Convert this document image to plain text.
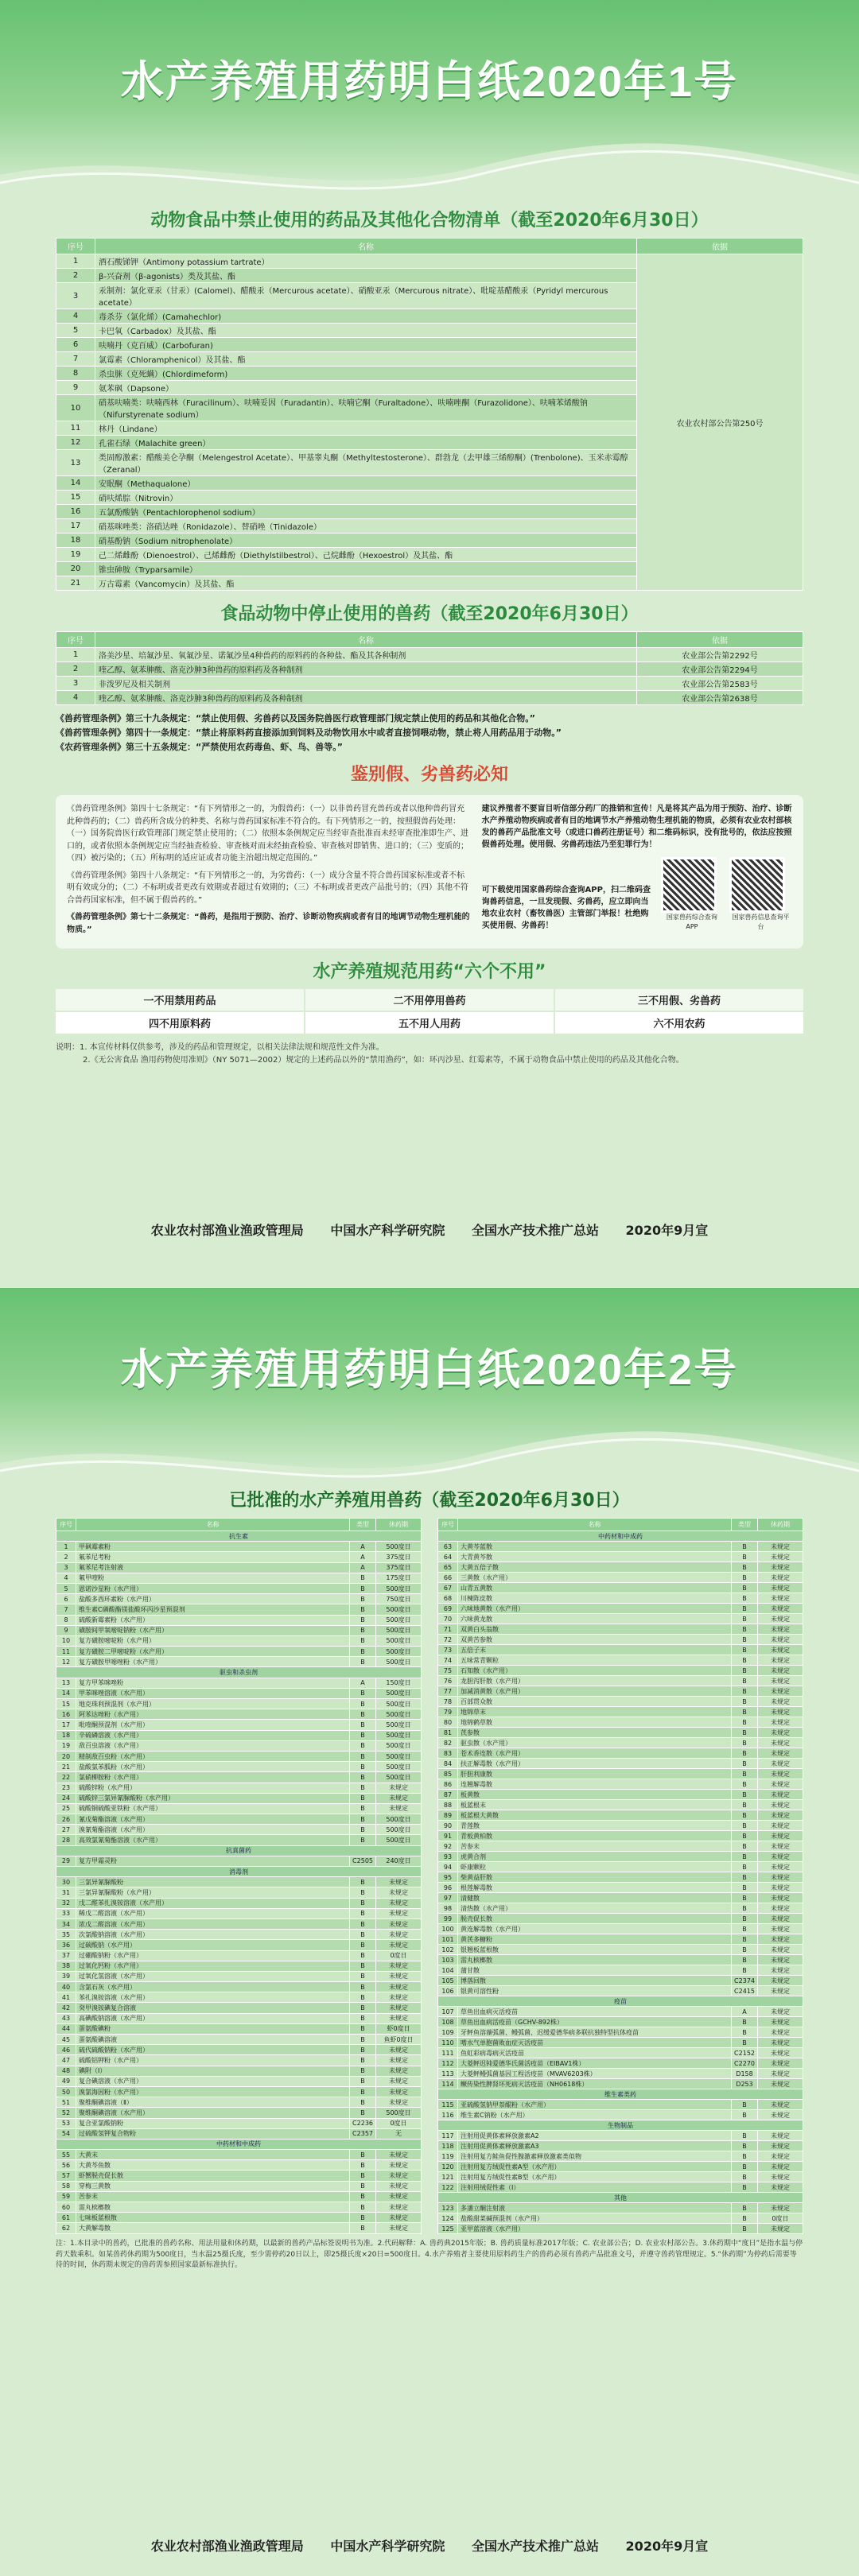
水产养殖用药明白纸2020年1号
动物食品中禁止使用的药品及其他化合物清单（截至2020年6月30日）
序号	名称	依据
1	酒石酸锑钾（Antimony potassium tartrate）	农业农村部公告第250号
2	β-兴奋剂（β-agonists）类及其盐、酯	
3	汞制剂：氯化亚汞（甘汞）(Calomel)、醋酸汞（Mercurous acetate）、硝酸亚汞（Mercurous nitrate）、吡啶基醋酸汞（Pyridyl mercurous acetate）	
4	毒杀芬（氯化烯）(Camahechlor)	
5	卡巴氧（Carbadox）及其盐、酯	
6	呋喃丹（克百威）(Carbofuran)	
7	氯霉素（Chloramphenicol）及其盐、酯	
8	杀虫脒（克死螨）(Chlordimeform)	
9	氨苯砜（Dapsone）	
10	硝基呋喃类：呋喃西林（Furacilinum）、呋喃妥因（Furadantin）、呋喃它酮（Furaltadone）、呋喃唑酮（Furazolidone）、呋喃苯烯酸钠（Nifurstyrenate sodium）	
11	林丹（Lindane）	
12	孔雀石绿（Malachite green）	
13	类固醇激素：醋酸美仑孕酮（Melengestrol Acetate）、甲基睾丸酮（Methyltestosterone）、群勃龙（去甲雄三烯醇酮）(Trenbolone)、玉米赤霉醇（Zeranal）	
14	安眠酮（Methaqualone）	
15	硝呋烯腙（Nitrovin）	
16	五氯酚酸钠（Pentachlorophenol sodium）	
17	硝基咪唑类：洛硝达唑（Ronidazole）、替硝唑（Tinidazole）	
18	硝基酚钠（Sodium nitrophenolate）	
19	己二烯雌酚（Dienoestrol）、己烯雌酚（Diethylstilbestrol）、己烷雌酚（Hexoestrol）及其盐、酯	
20	锥虫砷胺（Tryparsamile）	
21	万古霉素（Vancomycin）及其盐、酯	
食品动物中停止使用的兽药（截至2020年6月30日）
序号	名称	依据
1	洛美沙星、培氟沙星、氧氟沙星、诺氟沙星4种兽药的原料药的各种盐、酯及其各种制剂	农业部公告第2292号
2	喹乙醇、氨苯胂酸、洛克沙胂3种兽药的原料药及各种制剂	农业部公告第2294号
3	非泼罗尼及相关制剂	农业部公告第2583号
4	喹乙醇、氨苯胂酸、洛克沙胂3种兽药的原料药及各种制剂	农业部公告第2638号

《兽药管理条例》第三十九条规定：“禁止使用假、劣兽药以及国务院兽医行政管理部门规定禁止使用的药品和其他化合物。”

《兽药管理条例》第四十一条规定：“禁止将原料药直接添加到饲料及动物饮用水中或者直接饲喂动物，禁止将人用药品用于动物。”

《农药管理条例》第三十五条规定：“严禁使用农药毒鱼、虾、鸟、兽等。”

鉴别假、劣兽药必知

《兽药管理条例》第四十七条规定：“有下列情形之一的，为假兽药：（一）以非兽药冒充兽药或者以他种兽药冒充此种兽药的；（二）兽药所含成分的种类、名称与兽药国家标准不符合的。有下列情形之一的，按照假兽药处理：（一）国务院兽医行政管理部门规定禁止使用的；（二）依照本条例规定应当经审查批准而未经审查批准即生产、进口的，或者依照本条例规定应当经抽查检验、审查核对而未经抽查检验、审查核对即销售、进口的；（三）变质的；（四）被污染的；（五）所标明的适应证或者功能主治超出规定范围的。”

《兽药管理条例》第四十八条规定：“有下列情形之一的，为劣兽药：（一）成分含量不符合兽药国家标准或者不标明有效成分的；（二）不标明或者更改有效期或者超过有效期的；（三）不标明或者更改产品批号的；（四）其他不符合兽药国家标准，但不属于假兽药的。”

《兽药管理条例》第七十二条规定：“兽药，是指用于预防、治疗、诊断动物疾病或者有目的地调节动物生理机能的物质。”

建议养殖者不要盲目听信部分药厂的推销和宣传！凡是将其产品为用于预防、治疗、诊断水产养殖动物疾病或者有目的地调节水产养殖动物生理机能的物质，必须有农业农村部核发的兽药产品批准文号（或进口兽药注册证号）和二维码标识，没有批号的，依法应按照假兽药处理。使用假、劣兽药违法乃至犯罪行为！

可下载使用国家兽药综合查询APP，扫二维码查询兽药信息，一旦发现假、劣兽药，应立即向当地农业农村（畜牧兽医）主管部门举报！杜绝购买使用假、劣兽药！

国家兽药综合查询APP
国家兽药信息查询平台
水产养殖规范用药“六个不用”
一不用禁用药品	二不用停用兽药	三不用假、劣兽药
四不用原料药	五不用人用药	六不用农药
说明：1. 本宣传材料仅供参考，涉及的药品和管理规定，以相关法律法规和规范性文件为准。
2.《无公害食品 渔用药物使用准则》（NY 5071—2002）规定的上述药品以外的“禁用渔药”，如：环丙沙星、红霉素等，不属于动物食品中禁止使用的药品及其他化合物。
农业农村部渔业渔政管理局 中国水产科学研究院 全国水产技术推广总站 2020年9月宣
水产养殖用药明白纸2020年2号
已批准的水产养殖用兽药（截至2020年6月30日）
序号	名称	类型	休药期
抗生素			
1	甲砜霉素粉	A	500度日
2	氟苯尼考粉	A	375度日
3	氟苯尼考注射液	A	375度日
4	氟甲喹粉	B	175度日
5	恩诺沙星粉（水产用）	B	500度日
6	盐酸多西环素粉（水产用）	B	750度日
7	维生素C磷酸酯镁盐酸环丙沙星预混剂	B	500度日
8	硫酸新霉素粉（水产用）	B	500度日
9	磺胺间甲氧嘧啶钠粉（水产用）	B	500度日
10	复方磺胺嘧啶粉（水产用）	B	500度日
11	复方磺胺二甲嘧啶粉（水产用）	B	500度日
12	复方磺胺甲噁唑粉（水产用）	B	500度日
驱虫和杀虫剂			
13	复方甲苯咪唑粉	A	150度日
14	甲苯咪唑溶液（水产用）	B	500度日
15	地克珠利预混剂（水产用）	B	500度日
16	阿苯达唑粉（水产用）	B	500度日
17	吡喹酮预混剂（水产用）	B	500度日
18	辛硫磷溶液（水产用）	B	500度日
19	敌百虫溶液（水产用）	B	500度日
20	精制敌百虫粉（水产用）	B	500度日
21	盐酸氯苯胍粉（水产用）	B	500度日
22	氯硝柳胺粉（水产用）	B	500度日
23	硫酸锌粉（水产用）	B	未规定
24	硫酸锌三氯异氰脲酸粉（水产用）	B	未规定
25	硫酸铜硫酸亚铁粉（水产用）	B	未规定
26	氰戊菊酯溶液（水产用）	B	500度日
27	溴氰菊酯溶液（水产用）	B	500度日
28	高效氯氰菊酯溶液（水产用）	B	500度日
抗真菌药			
29	复方甲霜灵粉	C2505	240度日
消毒剂			
30	三氯异氰脲酸粉	B	未规定
31	三氯异氰脲酸粉（水产用）	B	未规定
32	戊二醛苯扎溴铵溶液（水产用）	B	未规定
33	稀戊二醛溶液（水产用）	B	未规定
34	浓戊二醛溶液（水产用）	B	未规定
35	次氯酸钠溶液（水产用）	B	未规定
36	过碳酸钠（水产用）	B	未规定
37	过硼酸钠粉（水产用）	B	0度日
38	过氧化钙粉（水产用）	B	未规定
39	过氧化氢溶液（水产用）	B	未规定
40	含氯石灰（水产用）	B	未规定
41	苯扎溴铵溶液（水产用）	B	未规定
42	癸甲溴铵碘复合溶液	B	未规定
43	高碘酸钠溶液（水产用）	B	未规定
44	蛋氨酸碘粉	B	虾0度日
45	蛋氨酸碘溶液	B	鱼虾0度日
46	硫代硫酸钠粉（水产用）	B	未规定
47	硫酸铝钾粉（水产用）	B	未规定
48	碘附（Ⅰ）	B	未规定
49	复合碘溶液（水产用）	B	未规定
50	溴氯海因粉（水产用）	B	未规定
51	聚维酮碘溶液（Ⅱ）	B	未规定
52	聚维酮碘溶液（水产用）	B	500度日
53	复合亚氯酸钠粉	C2236	0度日
54	过硫酸氢钾复合物粉	C2357	无
中药材和中成药			
55	大黄末	B	未规定
56	大黄芩鱼散	B	未规定
57	虾蟹脱壳促长散	B	未规定
58	穿梅三黄散	B	未规定
59	苦参末	B	未规定
60	雷丸槟榔散	B	未规定
61	七味板蓝根散	B	未规定
62	大黄解毒散	B	未规定
序号	名称	类型	休药期
中药材和中成药			
63	大黄芩蓝散	B	未规定
64	大青黄芩散	B	未规定
65	大黄五倍子散	B	未规定
66	三黄散（水产用）	B	未规定
67	山青五黄散	B	未规定
68	川楝陈皮散	B	未规定
69	六味地黄散（水产用）	B	未规定
70	六味黄龙散	B	未规定
71	双黄白头翁散	B	未规定
72	双黄苦参散	B	未规定
73	五倍子末	B	未规定
74	五味常青颗粒	B	未规定
75	石知散（水产用）	B	未规定
76	龙胆泻肝散（水产用）	B	未规定
77	加减消黄散（水产用）	B	未规定
78	百部贯众散	B	未规定
79	地锦草末	B	未规定
80	地锦鹤草散	B	未规定
81	芪参散	B	未规定
82	驱虫散（水产用）	B	未规定
83	苍术香连散（水产用）	B	未规定
84	扶正解毒散（水产用）	B	未规定
85	肝胆利康散	B	未规定
86	连翘解毒散	B	未规定
87	板黄散	B	未规定
88	板蓝根末	B	未规定
89	板蓝根大黄散	B	未规定
90	青莲散	B	未规定
91	青板黄柏散	B	未规定
92	苦参末	B	未规定
93	虎黄合剂	B	未规定
94	虾康颗粒	B	未规定
95	柴黄益肝散	B	未规定
96	根莲解毒散	B	未规定
97	清健散	B	未规定
98	清热散（水产用）	B	未规定
99	脱壳促长散	B	未规定
100	黄连解毒散（水产用）	B	未规定
101	黄芪多糖粉	B	未规定
102	银翘板蓝根散	B	未规定
103	雷丸槟榔散	B	未规定
104	蒲甘散	B	未规定
105	博落回散	C2374	未规定
106	银黄可溶性粉	C2415	未规定
疫苗			
107	草鱼出血病灭活疫苗	A	未规定
108	草鱼出血病活疫苗（GCHV-892株）	B	未规定
109	牙鲆鱼溶藻弧菌、鳗弧菌、迟缓爱德华病多联抗独特型抗体疫苗	B	未规定
110	嗜水气单胞菌败血症灭活疫苗	B	未规定
111	鱼虹彩病毒病灭活疫苗	C2152	未规定
112	大菱鲆迟钝爱德华氏菌活疫苗（EIBAV1株）	C2270	未规定
113	大菱鲆鳗弧菌基因工程活疫苗（MVAV6203株）	D158	未规定
114	鳜传染性脾肾坏死病灭活疫苗（NH0618株）	D253	未规定
维生素类药			
115	亚硫酸氢钠甲萘醌粉（水产用）	B	未规定
116	维生素C钠粉（水产用）	B	未规定
生物制品			
117	注射用促黄体素释放激素A2	B	未规定
118	注射用促黄体素释放激素A3	B	未规定
119	注射用复方鲑鱼促性腺激素释放激素类似物	B	未规定
120	注射用复方绒促性素A型（水产用）	B	未规定
121	注射用复方绒促性素B型（水产用）	B	未规定
122	注射用绒促性素（Ⅰ）	B	未规定
其他			
123	多潘立酮注射液	B	未规定
124	盐酸甜菜碱预混剂（水产用）	B	0度日
125	亚甲蓝溶液（水产用）	B	未规定
注：1.本目录中的兽药，已批准的兽药名称、用法用量和休药期，以最新的兽药产品标签说明书为准。2.代码解释：A. 兽药典2015年版；B. 兽药质量标准2017年版；C. 农业部公告；D. 农业农村部公告。3.休药期中“度日”是指水温与停药天数乘积。如某兽药休药期为500度日，当水温25摄氏度，至少需停药20日以上，即25摄氏度×20日=500度日。4.水产养殖者主要使用原料药生产的兽药必须有兽药产品批准文号，并遵守兽药管理规定。5.“休药期”为停药后需要等待的时间，休药期未规定的兽药需参照国家最新标准执行。
农业农村部渔业渔政管理局 中国水产科学研究院 全国水产技术推广总站 2020年9月宣
